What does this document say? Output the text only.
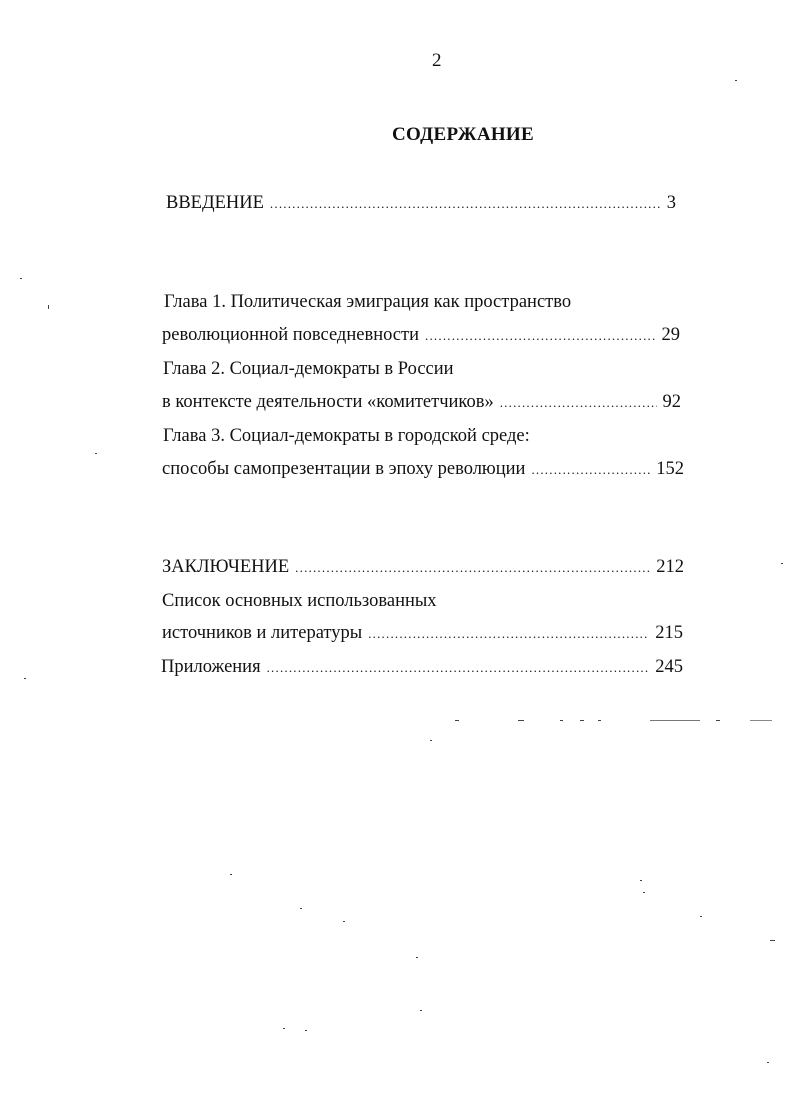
2
СОДЕРЖАНИЕ
ВВЕДЕНИЕ .....	3
Глава 1. Политическая эмиграция как пространство
революционной повседневности .....	29
Глава 2. Социал-демократы в России
в контексте деятельности «комитетчиков» .....	92
Глава 3. Социал-демократы в городской среде:
способы самопрезентации в эпоху революции .....	152
ЗАКЛЮЧЕНИЕ .....	212
Список основных использованных
источников и литературы .....	215
Приложения .....	245
